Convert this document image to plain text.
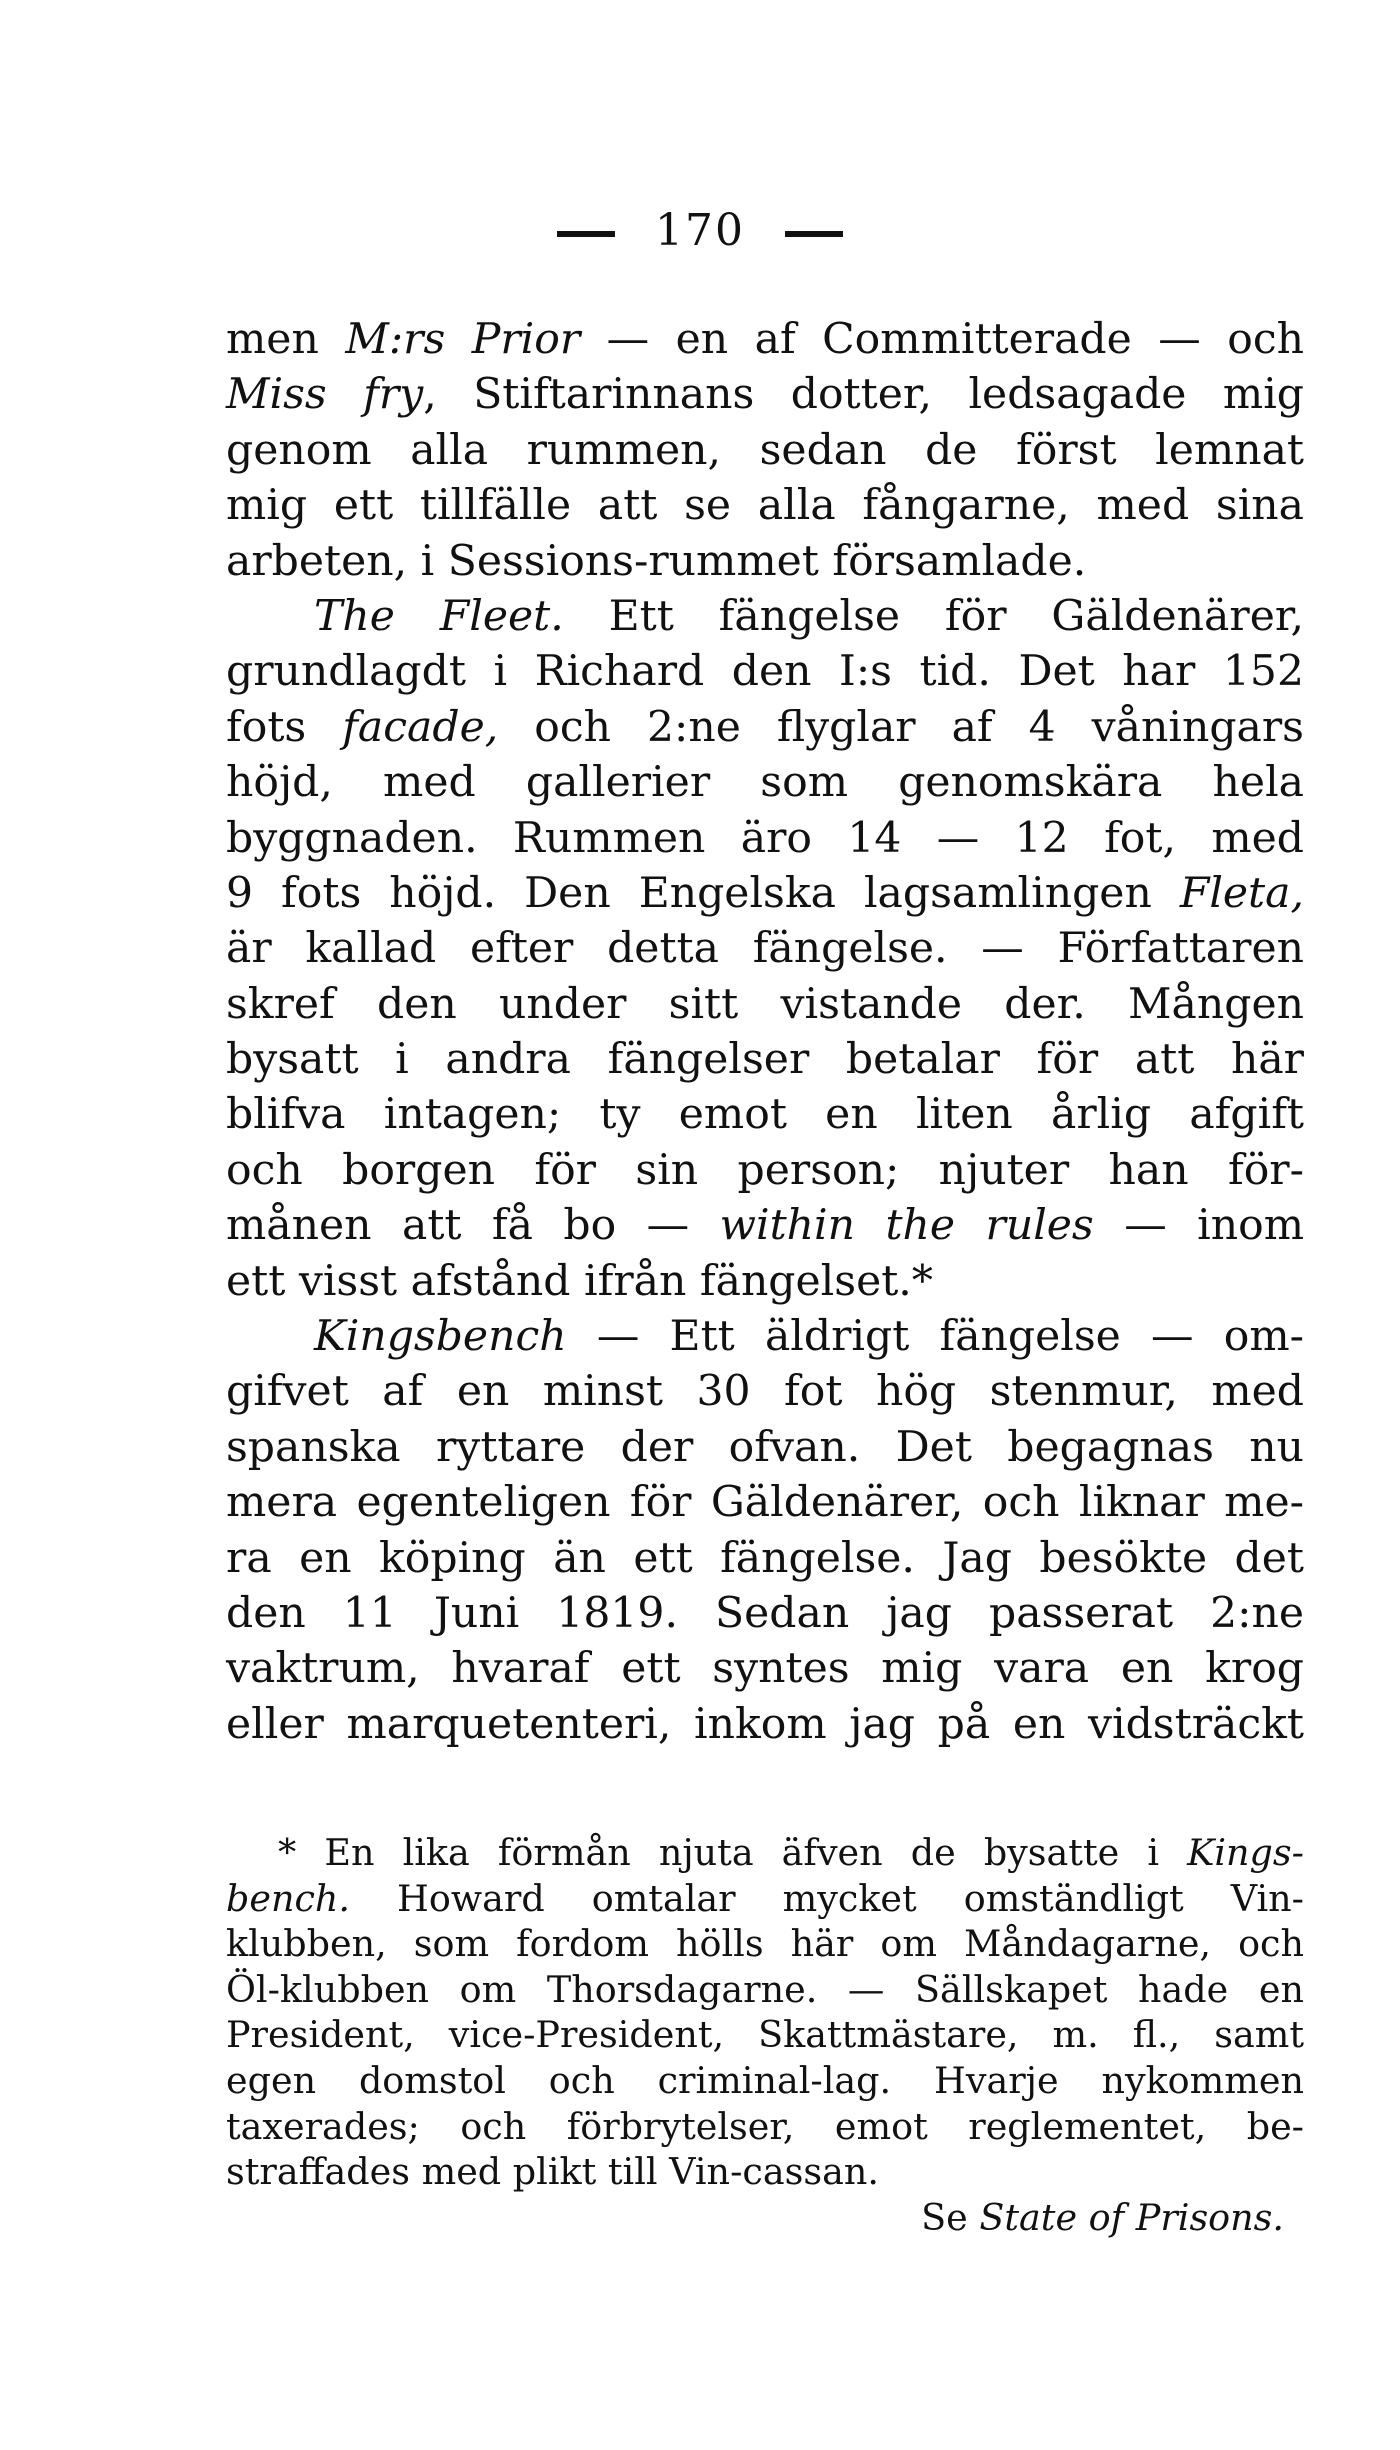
170
men M:rs Prior — en af Committerade — och
Miss fry, Stiftarinnans dotter, ledsagade mig
genom alla rummen, sedan de först lemnat
mig ett tillfälle att se alla fångarne, med sina
arbeten, i Sessions-rummet församlade.
The Fleet. Ett fängelse för Gäldenärer,
grundlagdt i Richard den I:s tid. Det har 152
fots facade, och 2:ne flyglar af 4 våningars
höjd, med gallerier som genomskära hela
byggnaden. Rummen äro 14 — 12 fot, med
9 fots höjd. Den Engelska lagsamlingen Fleta,
är kallad efter detta fängelse. — Författaren
skref den under sitt vistande der. Mången
bysatt i andra fängelser betalar för att här
blifva intagen; ty emot en liten årlig afgift
och borgen för sin person; njuter han för-
månen att få bo — within the rules — inom
ett visst afstånd ifrån fängelset.*
Kingsbench — Ett äldrigt fängelse — om-
gifvet af en minst 30 fot hög stenmur, med
spanska ryttare der ofvan. Det begagnas nu
mera egenteligen för Gäldenärer, och liknar me-
ra en köping än ett fängelse. Jag besökte det
den 11 Juni 1819. Sedan jag passerat 2:ne
vaktrum, hvaraf ett syntes mig vara en krog
eller marquetenteri, inkom jag på en vidsträckt
* En likа förmån njuta äfven de bysatte i Kings-
bench. Howard omtalar mycket omständligt Vin-
klubben, som fordom hölls här om Måndagarne, och
Öl-klubben om Thorsdagarne. — Sällskapet hade en
President, vice-President, Skattmästare, m. fl., samt
egen domstol och criminal-lag. Hvarje nykommen
taxerades; och förbrytelser, emot reglementet, be-
straffades med plikt till Vin-cassan.
Se State of Prisons.
